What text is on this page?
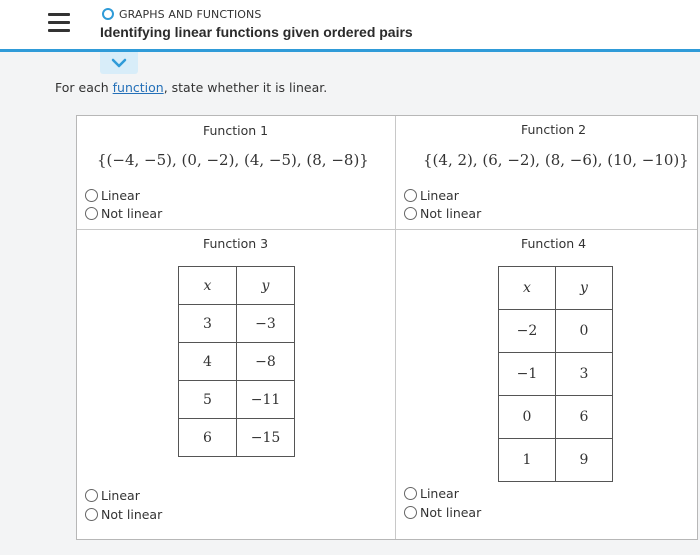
GRAPHS AND FUNCTIONS
Identifying linear functions given ordered pairs
For each function, state whether it is linear.
Function 1
{(−4, −5), (0, −2), (4, −5), (8, −8)}
Linear
Not linear
Function 2
{(4, 2), (6, −2), (8, −6), (10, −10)}
Linear
Not linear
Function 3
x	y
3	−3
4	−8
5	−11
6	−15
Linear
Not linear
Function 4
x	y
−2	0
−1	3
0	6
1	9
Linear
Not linear
